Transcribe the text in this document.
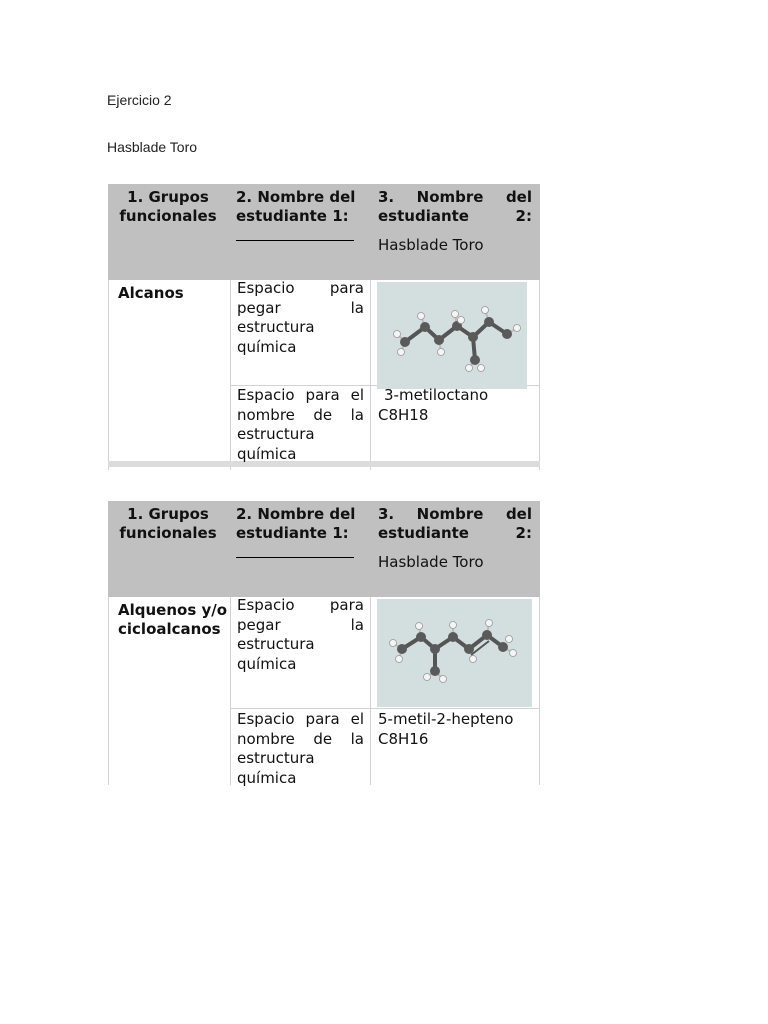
Ejercicio 2
Hasblade Toro
1. Grupos funcionales
2. Nombre del estudiante 1:
3. Nombre del estudiante 2:
Hasblade Toro
Alcanos	Espacio para pegar la estructura química
Espacio para el nombre de la estructura química
3-metiloctano
C8H18
1. Grupos funcionales
2. Nombre del estudiante 1:
3. Nombre del estudiante 2:
Hasblade Toro
Alquenos y/o cicloalcanos
Espacio para pegar la estructura química
Espacio para el nombre de la estructura química
5-metil-2-hepteno
C8H16
